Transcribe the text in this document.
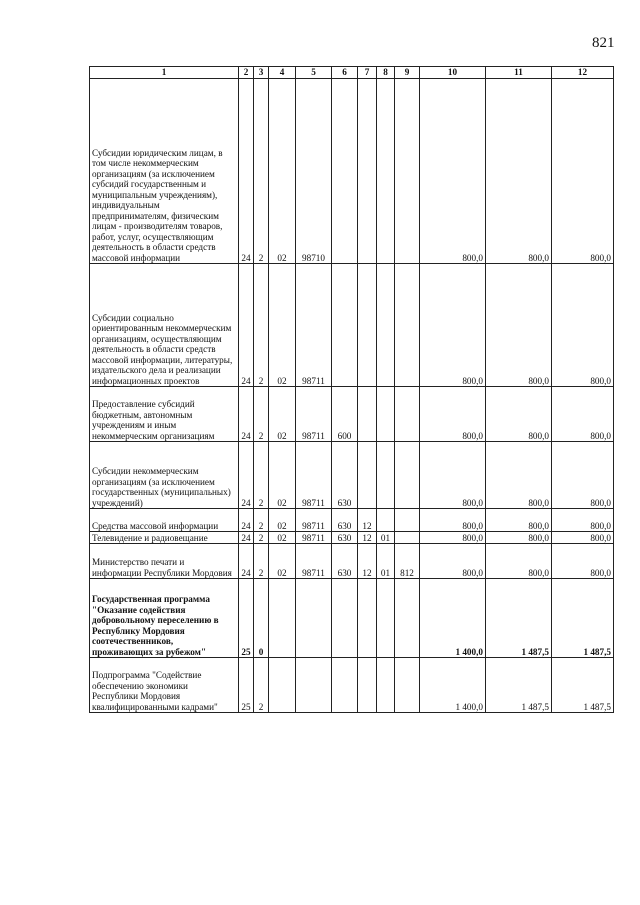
821
1	2	3	4	5	6	7	8	9	10	11	12
Субсидии юридическим лицам, в том числе некоммерческим организациям (за исключением субсидий государственным и муниципальным учреждениям), индивидуальным предпринимателям, физическим лицам - производителям товаров, работ, услуг, осуществляющим деятельность в области средств массовой информации	24	2	02	98710					800,0	800,0	800,0
Субсидии социально ориентированным некоммерческим организациям, осуществляющим деятельность в области средств массовой информации, литературы, издательского дела и реализации информационных проектов	24	2	02	98711					800,0	800,0	800,0
Предоставление субсидий бюджетным, автономным учреждениям и иным некоммерческим организациям	24	2	02	98711	600				800,0	800,0	800,0
Субсидии некоммерческим организациям (за исключением государственных (муниципальных) учреждений)	24	2	02	98711	630				800,0	800,0	800,0
Средства массовой информации	24	2	02	98711	630	12			800,0	800,0	800,0
Телевидение и радиовещание	24	2	02	98711	630	12	01		800,0	800,0	800,0
Министерство печати и информации Республики Мордовия	24	2	02	98711	630	12	01	812	800,0	800,0	800,0
Государственная программа "Оказание содействия добровольному переселению в Республику Мордовия соотечественников, проживающих за рубежом"	25	0							1 400,0	1 487,5	1 487,5
Подпрограмма "Содействие обеспечению экономики Республики Мордовия квалифицированными кадрами"	25	2							1 400,0	1 487,5	1 487,5
